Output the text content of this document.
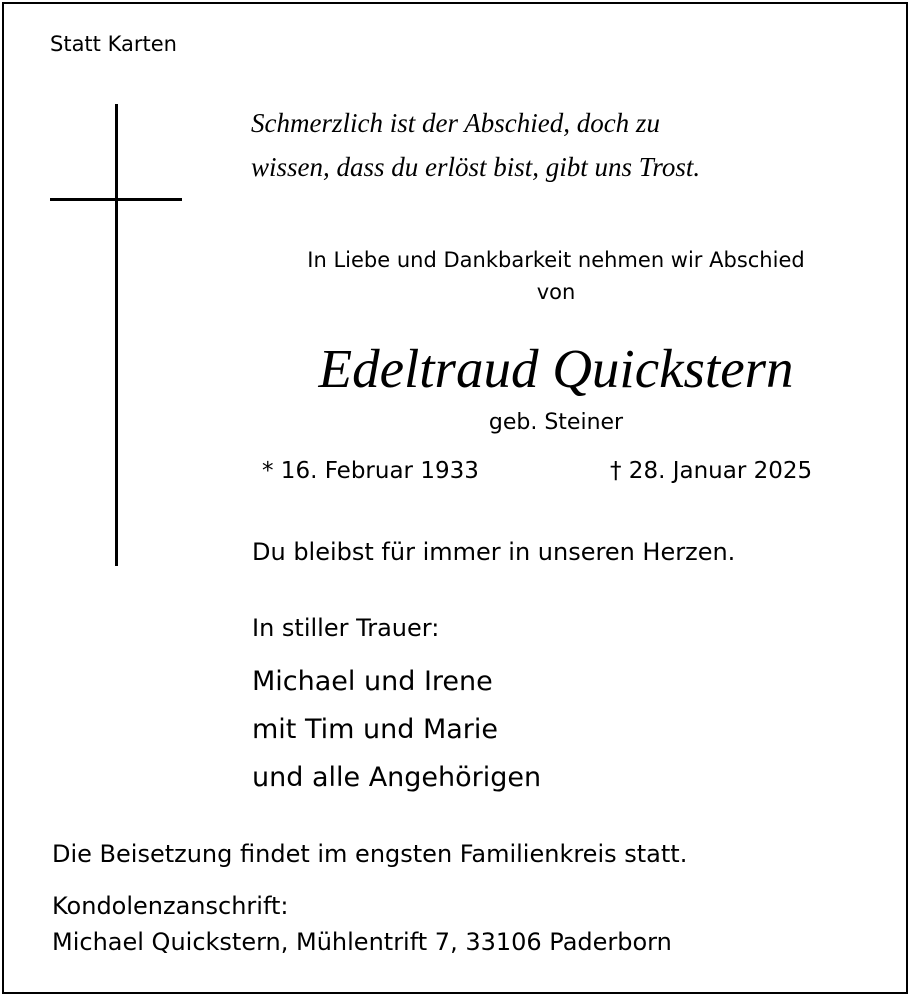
Statt Karten
Schmerzlich ist der Abschied, doch zu
wissen, dass du erlöst bist, gibt uns Trost.
In Liebe und Dankbarkeit nehmen wir Abschied
von
Edeltraud Quickstern
geb. Steiner
* 16. Februar 1933	† 28. Januar 2025
Du bleibst für immer in unseren Herzen.
In stiller Trauer:
Michael und Irene
mit Tim und Marie
und alle Angehörigen
Die Beisetzung findet im engsten Familienkreis statt.
Kondolenzanschrift:
Michael Quickstern, Mühlentrift 7, 33106 Paderborn
